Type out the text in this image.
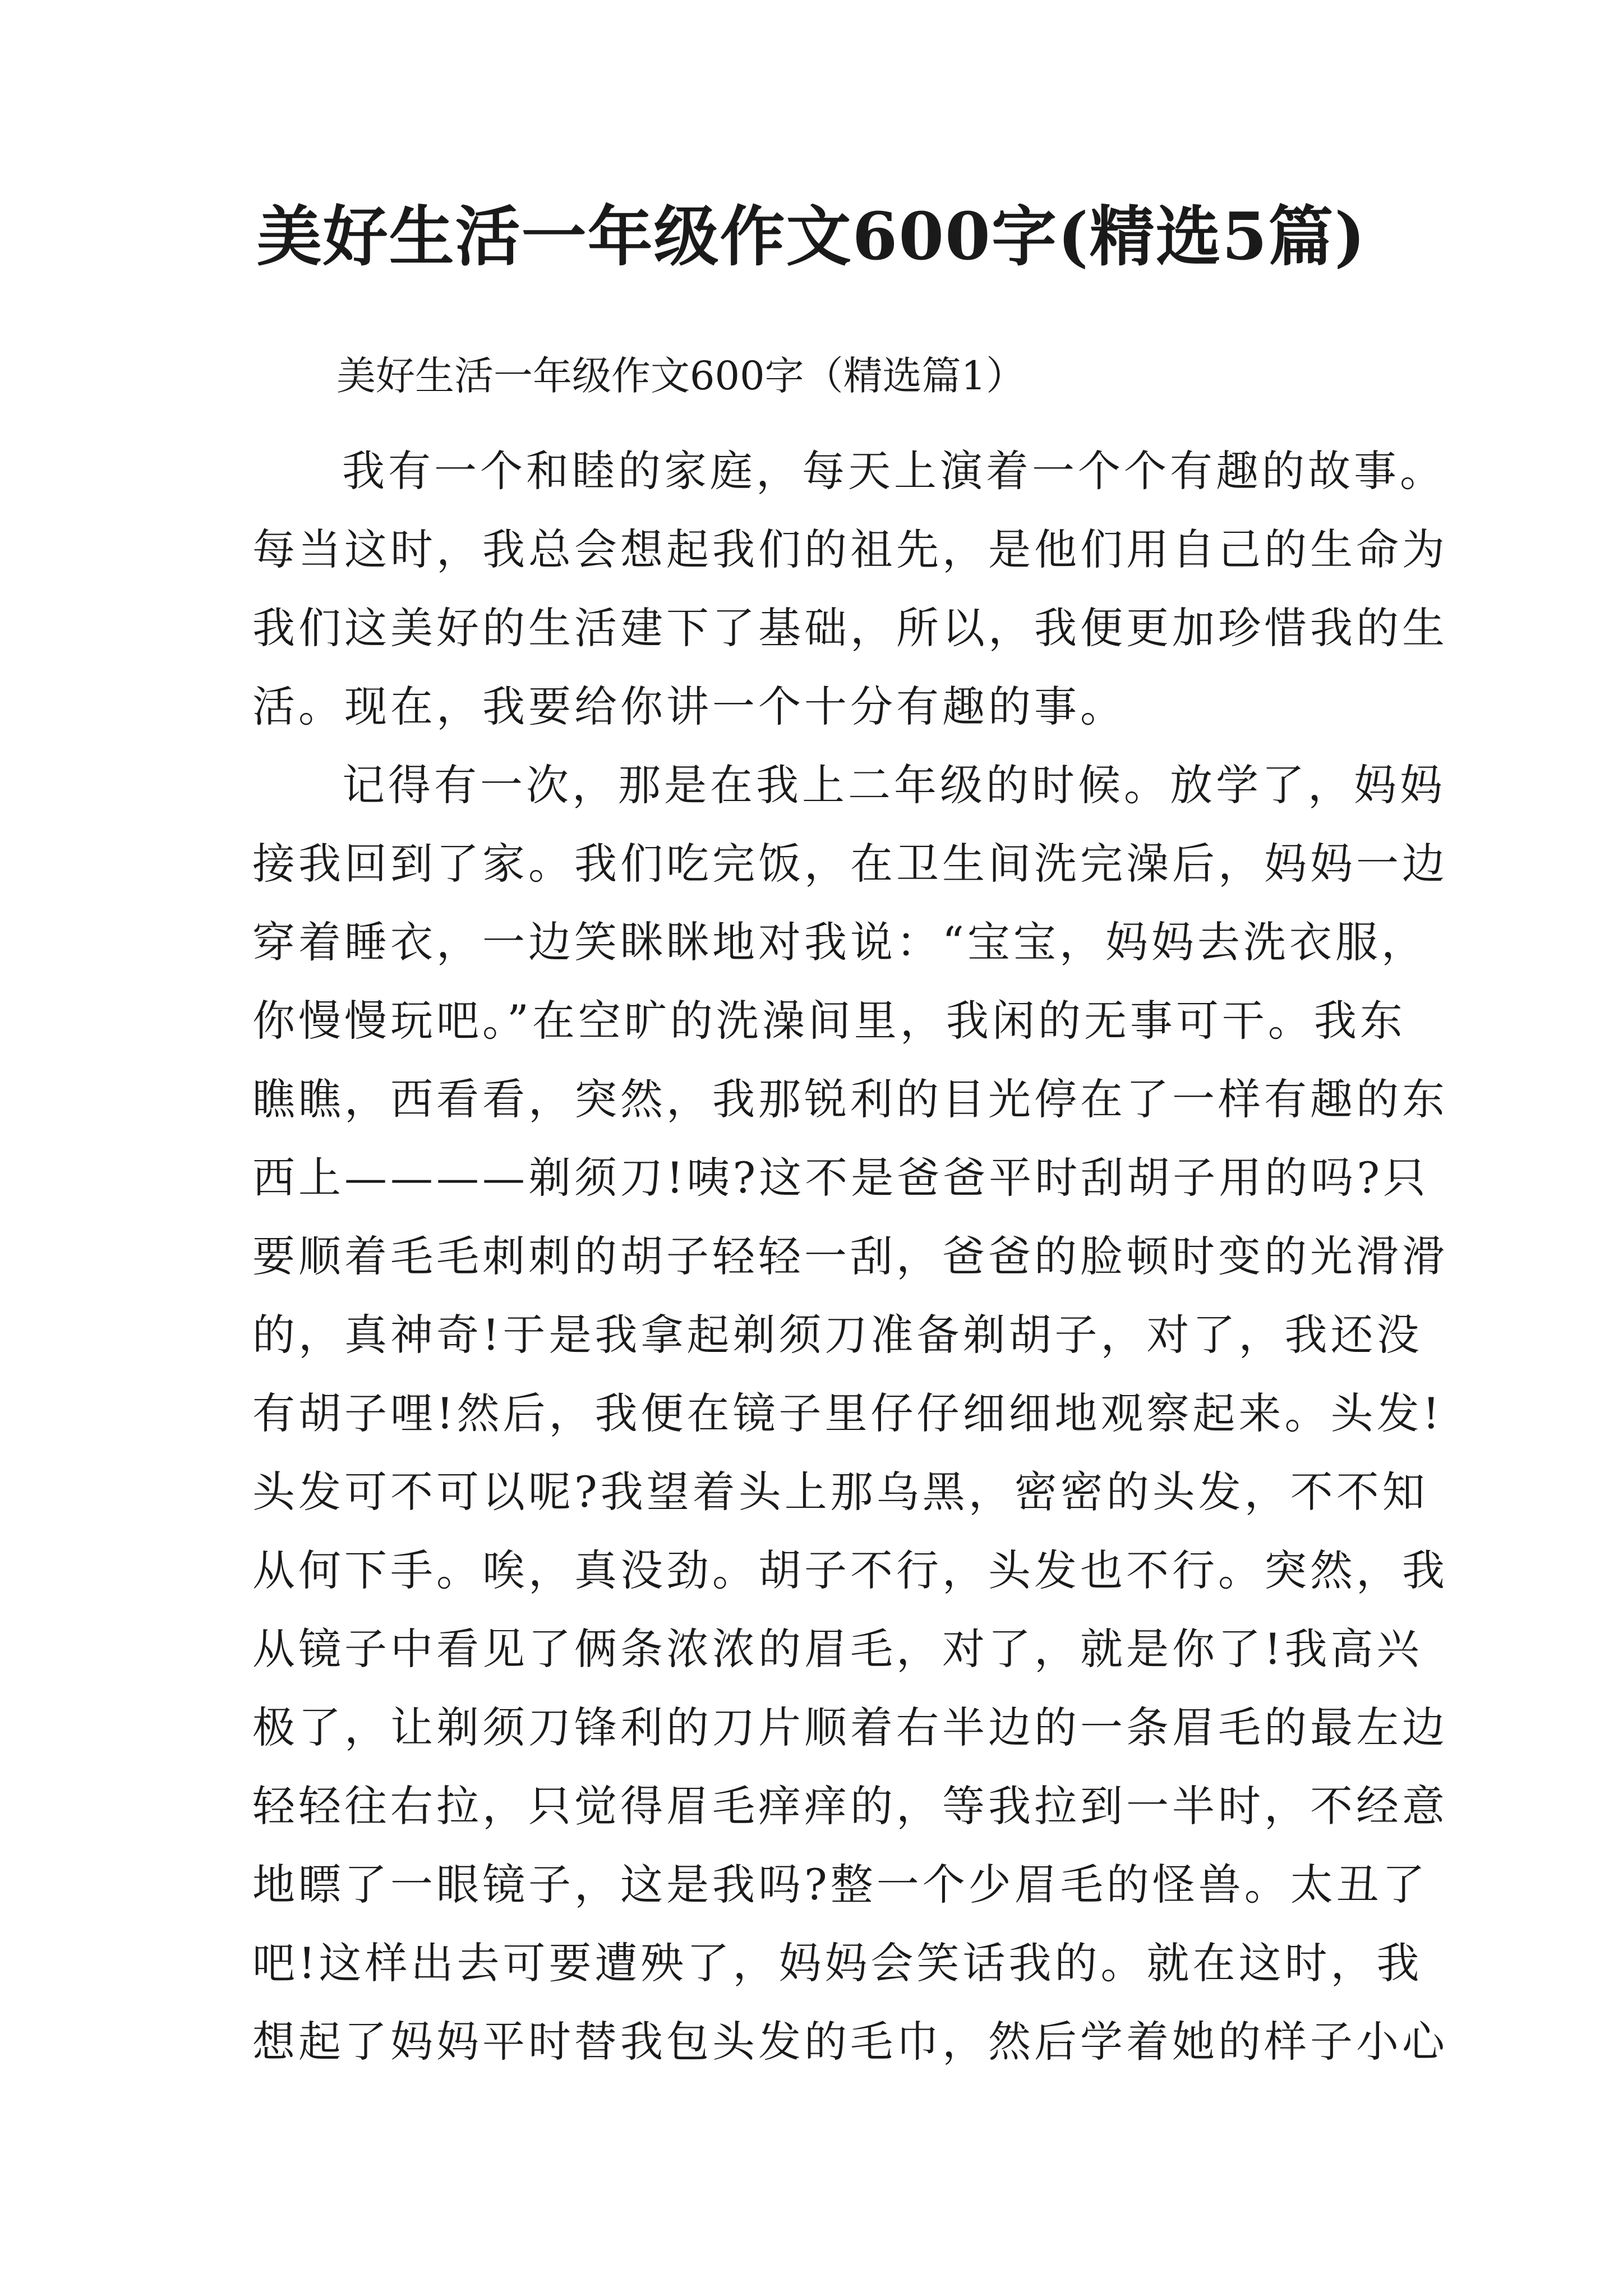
美好生活一年级作文600字(精选5篇)
美好生活一年级作文600字（精选篇1）
我有一个和睦的家庭，每天上演着一个个有趣的故事。
每当这时，我总会想起我们的祖先，是他们用自己的生命为
我们这美好的生活建下了基础，所以，我便更加珍惜我的生
活。现在，我要给你讲一个十分有趣的事。
记得有一次，那是在我上二年级的时候。放学了，妈妈
接我回到了家。我们吃完饭，在卫生间洗完澡后，妈妈一边
穿着睡衣，一边笑眯眯地对我说：“宝宝，妈妈去洗衣服，
你慢慢玩吧。”在空旷的洗澡间里，我闲的无事可干。我东
瞧瞧，西看看，突然，我那锐利的目光停在了一样有趣的东
西上————剃须刀!咦?这不是爸爸平时刮胡子用的吗?只
要顺着毛毛刺刺的胡子轻轻一刮，爸爸的脸顿时变的光滑滑
的，真神奇!于是我拿起剃须刀准备剃胡子，对了，我还没
有胡子哩!然后，我便在镜子里仔仔细细地观察起来。头发!
头发可不可以呢?我望着头上那乌黑，密密的头发，不不知
从何下手。唉，真没劲。胡子不行，头发也不行。突然，我
从镜子中看见了俩条浓浓的眉毛，对了，就是你了!我高兴
极了，让剃须刀锋利的刀片顺着右半边的一条眉毛的最左边
轻轻往右拉，只觉得眉毛痒痒的，等我拉到一半时，不经意
地瞟了一眼镜子，这是我吗?整一个少眉毛的怪兽。太丑了
吧!这样出去可要遭殃了，妈妈会笑话我的。就在这时，我
想起了妈妈平时替我包头发的毛巾，然后学着她的样子小心
